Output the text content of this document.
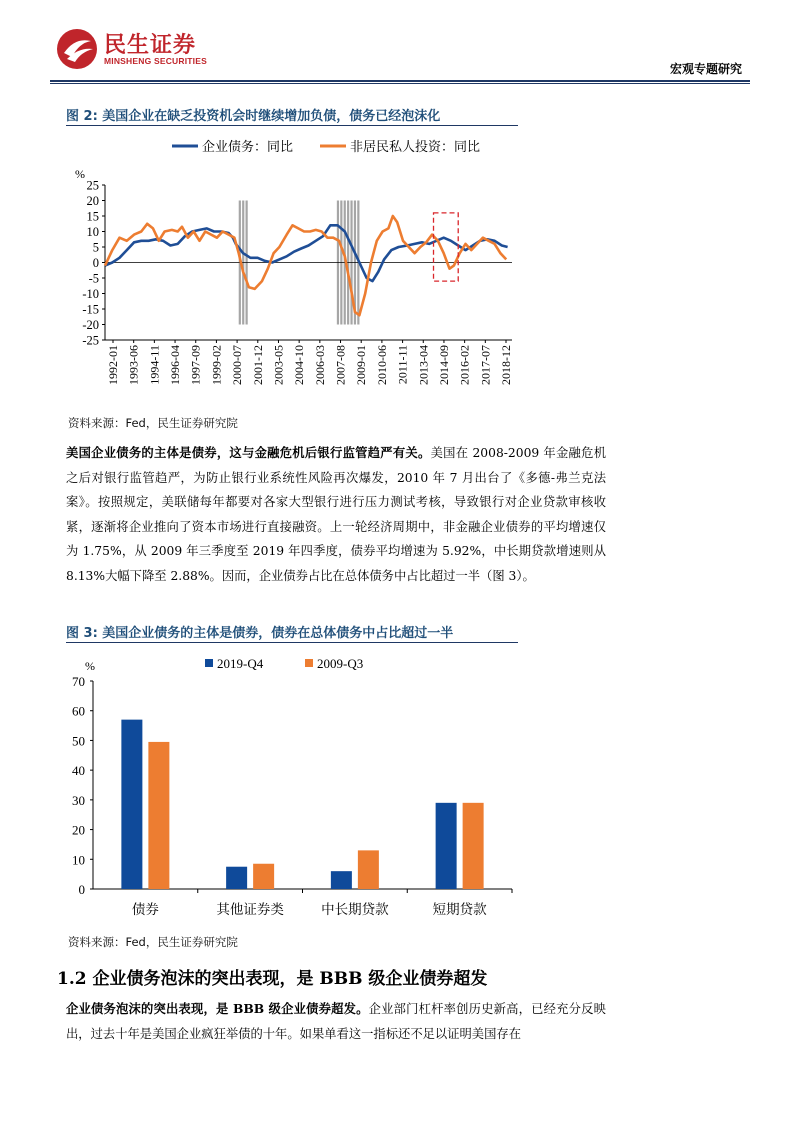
民生证券
MINSHENG SECURITIES
宏观专题研究
图 2: 美国企业在缺乏投资机会时继续增加负债，债务已经泡沫化
企业债务：同比	非居民私人投资：同比
%
25
20
15
10
5
0
-5
-10
-15
-20
-25
1992-01 1993-06 1994-11 1996-04 1997-09 1999-02 2000-07 2001-12 2003-05 2004-10 2006-03 2007-08 2009-01 2010-06 2011-11 2013-04 2014-09 2016-02 2017-07 2018-12
资料来源：Fed，民生证券研究院
美国企业债务的主体是债券，这与金融危机后银行监管趋严有关。美国在 2008-2009 年金融危机之后对银行监管趋严，为防止银行业系统性风险再次爆发，2010 年 7 月出台了《多德-弗兰克法案》。按照规定，美联储每年都要对各家大型银行进行压力测试考核，导致银行对企业贷款审核收紧，逐渐将企业推向了资本市场进行直接融资。上一轮经济周期中，非金融企业债券的平均增速仅为 1.75%，从 2009 年三季度至 2019 年四季度，债券平均增速为 5.92%，中长期贷款增速则从 8.13%大幅下降至 2.88%。因而，企业债券占比在总体债务中占比超过一半（图 3）。
图 3: 美国企业债务的主体是债券，债券在总体债务中占比超过一半
2019-Q4	2009-Q3
%
70
60
50
40
30
20
10
0
债券	其他证券类	中长期贷款	短期贷款
资料来源：Fed，民生证券研究院
1.2 企业债务泡沫的突出表现，是 BBB 级企业债券超发
企业债务泡沫的突出表现，是 BBB 级企业债券超发。企业部门杠杆率创历史新高，已经充分反映出，过去十年是美国企业疯狂举债的十年。如果单看这一指标还不足以证明美国存在
